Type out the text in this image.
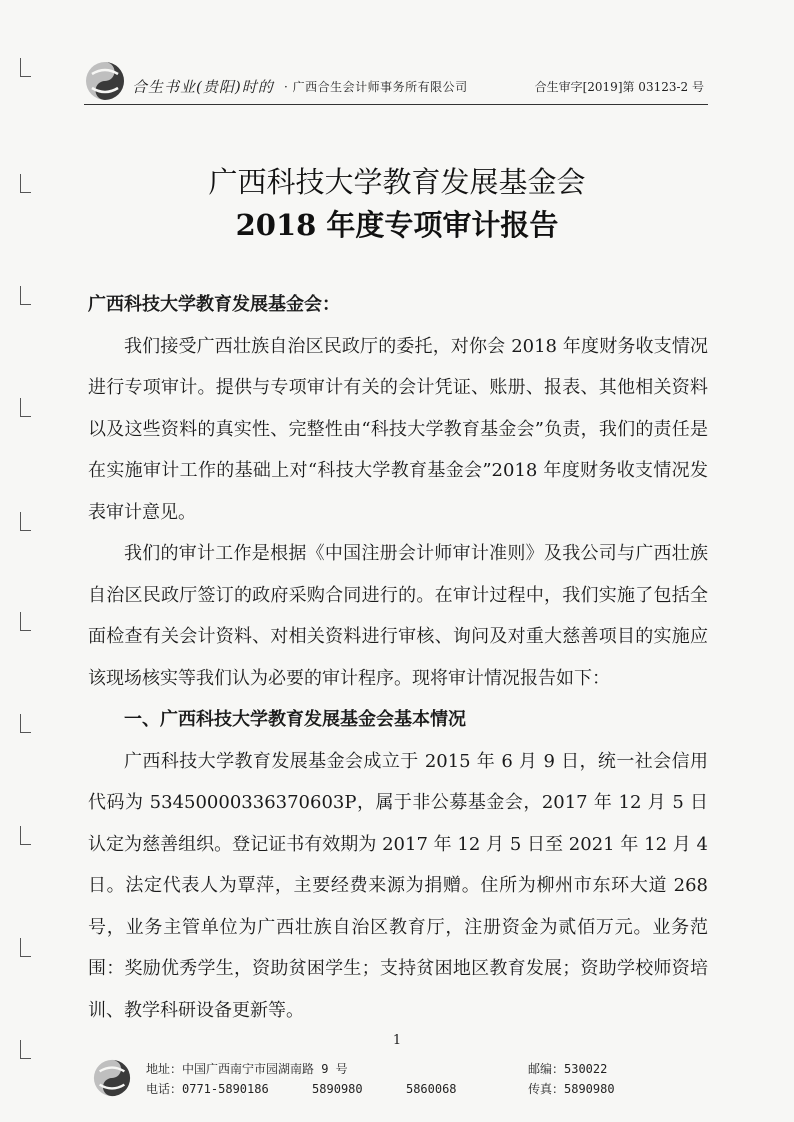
合生书业(贵阳)时的 · 广西合生会计师事务所有限公司	合生审字[2019]第 03123-2 号
广西科技大学教育发展基金会
2018 年度专项审计报告

广西科技大学教育发展基金会：

我们接受广西壮族自治区民政厅的委托，对你会 2018 年度财务收支情况进行专项审计。提供与专项审计有关的会计凭证、账册、报表、其他相关资料以及这些资料的真实性、完整性由“科技大学教育基金会”负责，我们的责任是在实施审计工作的基础上对“科技大学教育基金会”2018 年度财务收支情况发表审计意见。

我们的审计工作是根据《中国注册会计师审计准则》及我公司与广西壮族自治区民政厅签订的政府采购合同进行的。在审计过程中，我们实施了包括全面检查有关会计资料、对相关资料进行审核、询问及对重大慈善项目的实施应该现场核实等我们认为必要的审计程序。现将审计情况报告如下：

一、广西科技大学教育发展基金会基本情况

广西科技大学教育发展基金会成立于 2015 年 6 月 9 日，统一社会信用代码为 53450000336370603P，属于非公募基金会，2017 年 12 月 5 日认定为慈善组织。登记证书有效期为 2017 年 12 月 5 日至 2021 年 12 月 4 日。法定代表人为覃萍，主要经费来源为捐赠。住所为柳州市东环大道 268 号，业务主管单位为广西壮族自治区教育厅，注册资金为贰佰万元。业务范围：奖励优秀学生，资助贫困学生；支持贫困地区教育发展；资助学校师资培训、教学科研设备更新等。

1
地址：中国广西南宁市园湖南路 9 号
电话：0771-5890186      5890980      5860068
邮编：530022
传真：5890980
